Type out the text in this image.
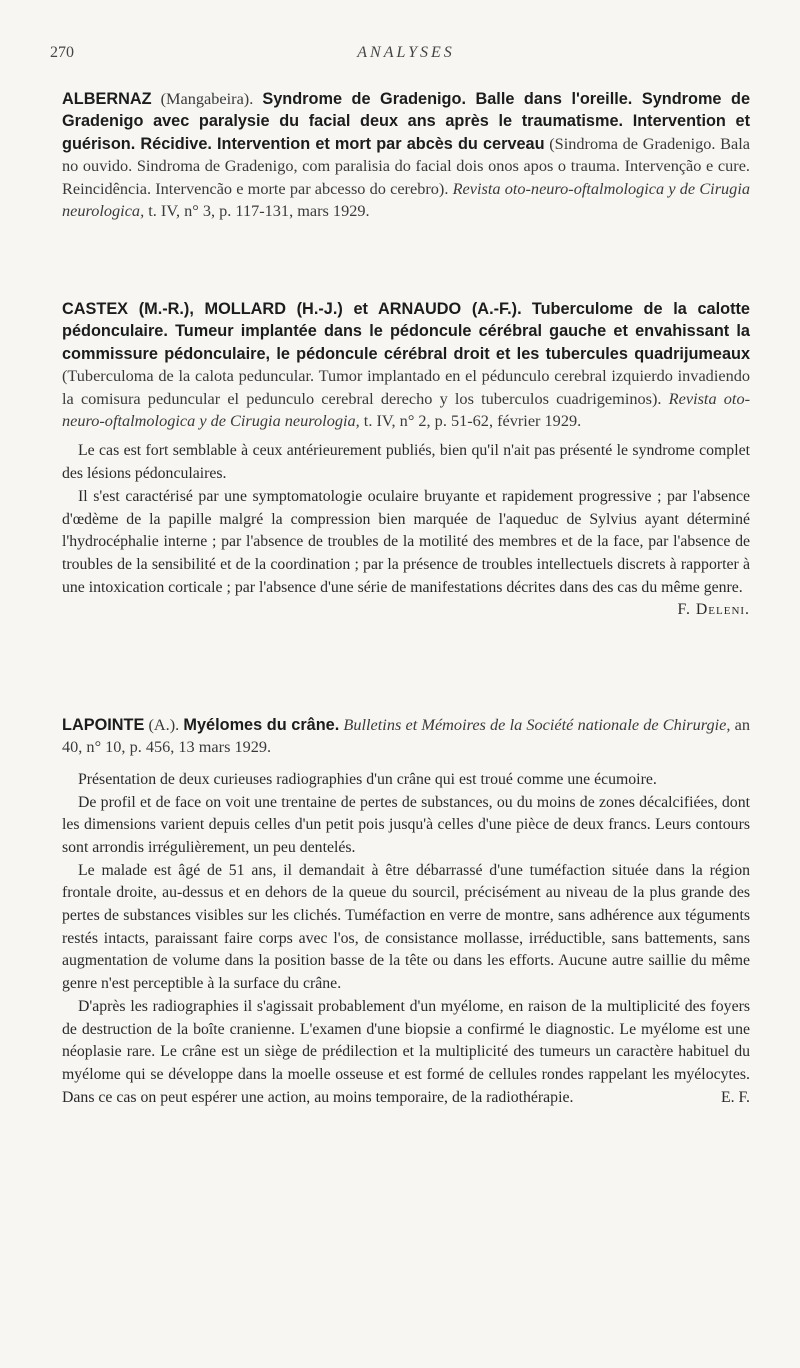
270	ANALYSES

ALBERNAZ (Mangabeira). Syndrome de Gradenigo. Balle dans l'oreille. Syndrome de Gradenigo avec paralysie du facial deux ans après le traumatisme. Intervention et guérison. Récidive. Intervention et mort par abcès du cerveau (Sindroma de Gradenigo. Bala no ouvido. Sindroma de Gradenigo, com paralisia do facial dois onos apos o trauma. Intervenção e cure. Reincidência. Intervencão e morte par abcesso do cerebro). Revista oto-neuro-oftalmologica y de Cirugia neurologica, t. IV, n° 3, p. 117-131, mars 1929.

CASTEX (M.-R.), MOLLARD (H.-J.) et ARNAUDO (A.-F.). Tuberculome de la calotte pédonculaire. Tumeur implantée dans le pédoncule cérébral gauche et envahissant la commissure pédonculaire, le pédoncule cérébral droit et les tubercules quadrijumeaux (Tuberculoma de la calota peduncular. Tumor implantado en el pédunculo cerebral izquierdo invadiendo la comisura peduncular el pedunculo cerebral derecho y los tuberculos cuadrigeminos). Revista oto-neuro-oftalmologica y de Cirugia neurologia, t. IV, n° 2, p. 51-62, février 1929.

Le cas est fort semblable à ceux antérieurement publiés, bien qu'il n'ait pas présenté le syndrome complet des lésions pédonculaires.

Il s'est caractérisé par une symptomatologie oculaire bruyante et rapidement progressive ; par l'absence d'œdème de la papille malgré la compression bien marquée de l'aqueduc de Sylvius ayant déterminé l'hydrocéphalie interne ; par l'absence de troubles de la motilité des membres et de la face, par l'absence de troubles de la sensibilité et de la coordination ; par la présence de troubles intellectuels discrets à rapporter à une intoxication corticale ; par l'absence d'une série de manifestations décrites dans des cas du même genre.
F. Deleni.

LAPOINTE (A.). Myélomes du crâne. Bulletins et Mémoires de la Société nationale de Chirurgie, an 40, n° 10, p. 456, 13 mars 1929.

Présentation de deux curieuses radiographies d'un crâne qui est troué comme une écumoire.

De profil et de face on voit une trentaine de pertes de substances, ou du moins de zones décalcifiées, dont les dimensions varient depuis celles d'un petit pois jusqu'à celles d'une pièce de deux francs. Leurs contours sont arrondis irrégulièrement, un peu dentelés.

Le malade est âgé de 51 ans, il demandait à être débarrassé d'une tuméfaction située dans la région frontale droite, au-dessus et en dehors de la queue du sourcil, précisément au niveau de la plus grande des pertes de substances visibles sur les clichés. Tuméfaction en verre de montre, sans adhérence aux téguments restés intacts, paraissant faire corps avec l'os, de consistance mollasse, irréductible, sans battements, sans augmentation de volume dans la position basse de la tête ou dans les efforts. Aucune autre saillie du même genre n'est perceptible à la surface du crâne.

D'après les radiographies il s'agissait probablement d'un myélome, en raison de la multiplicité des foyers de destruction de la boîte cranienne. L'examen d'une biopsie a confirmé le diagnostic. Le myélome est une néoplasie rare. Le crâne est un siège de prédilection et la multiplicité des tumeurs un caractère habituel du myélome qui se développe dans la moelle osseuse et est formé de cellules rondes rappelant les myélocytes. Dans ce cas on peut espérer une action, au moins temporaire, de la radiothérapie.	E. F.
